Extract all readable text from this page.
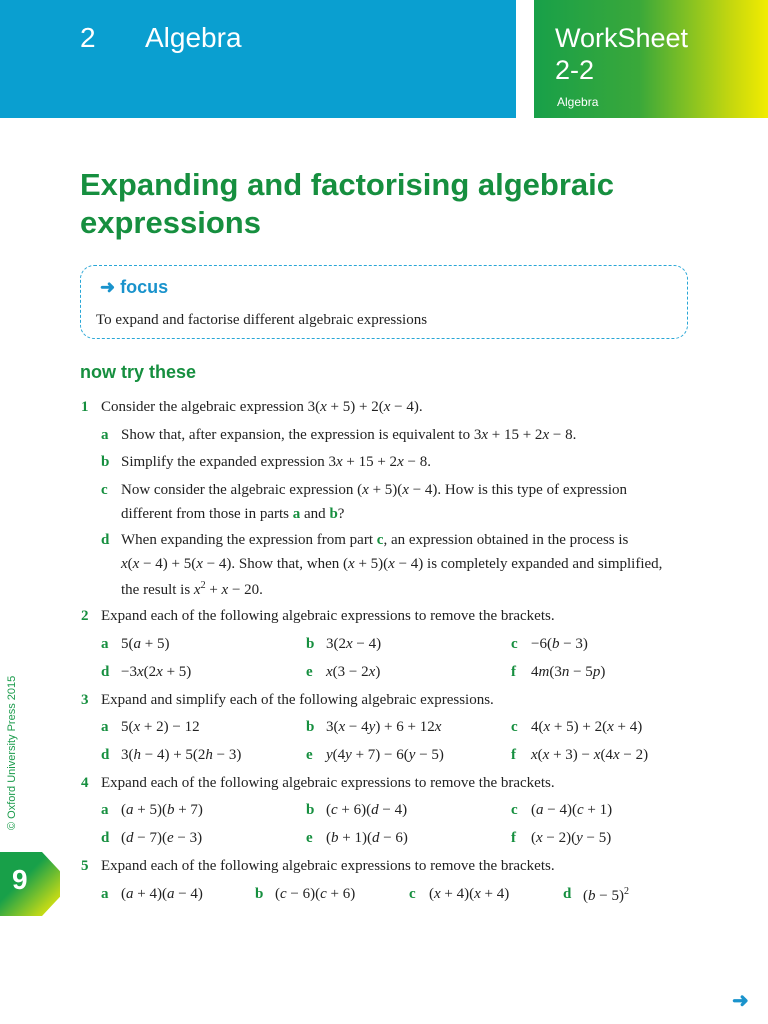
2 Algebra	WorkSheet
2-2
Algebra
Expanding and factorising algebraic expressions
➜ focus
To expand and factorise different algebraic expressions
now try these
1 Consider the algebraic expression 3(x + 5) + 2(x − 4).
a Show that, after expansion, the expression is equivalent to 3x + 15 + 2x − 8.
b Simplify the expanded expression 3x + 15 + 2x − 8.
c Now consider the algebraic expression (x + 5)(x − 4). How is this type of expression
different from those in parts a and b?
d When expanding the expression from part c, an expression obtained in the process is
x(x − 4) + 5(x − 4). Show that, when (x + 5)(x − 4) is completely expanded and simplified,
the result is $x^2 + x - 20$.
2 Expand each of the following algebraic expressions to remove the brackets.
a 5(a + 5)	b 3(2x − 4)	c −6(b − 3)
d −3x(2x + 5)	e x(3 − 2x)	f 4m(3n − 5p)
3 Expand and simplify each of the following algebraic expressions.
a 5(x + 2) − 12	b 3(x − 4y) + 6 + 12x	c 4(x + 5) + 2(x + 4)
d 3(h − 4) + 5(2h − 3)	e y(4y + 7) − 6(y − 5)	f x(x + 3) − x(4x − 2)
4 Expand each of the following algebraic expressions to remove the brackets.
a (a + 5)(b + 7)	b (c + 6)(d − 4)	c (a − 4)(c + 1)
d (d − 7)(e − 3)	e (b + 1)(d − 6)	f (x − 2)(y − 5)
5 Expand each of the following algebraic expressions to remove the brackets.
a (a + 4)(a − 4)	b (c − 6)(c + 6)	c (x + 4)(x + 4)	d $(b - 5)^2$
© Oxford University Press 2015
9
➜
